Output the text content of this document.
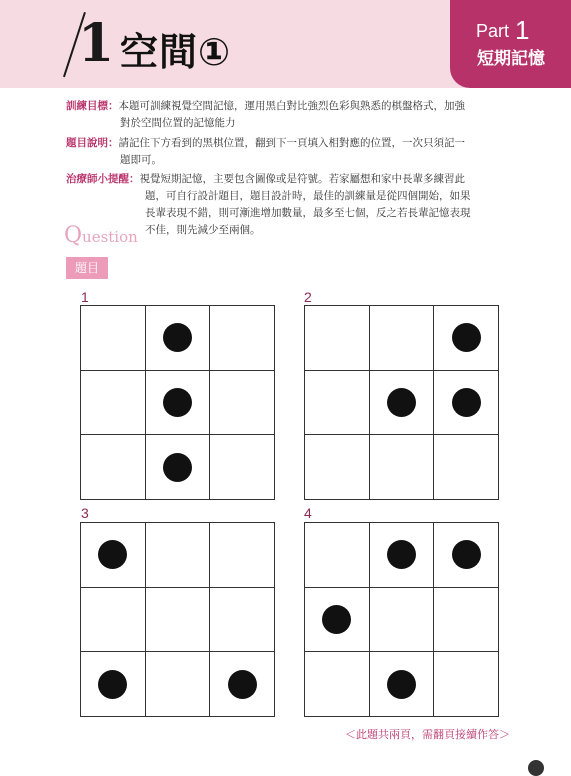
1 空間①	Part 1
短期記憶
訓練目標：本題可訓練視覺空間記憶，運用黑白對比強烈色彩與熟悉的棋盤格式，加強
對於空間位置的記憶能力
題目說明：請記住下方看到的黑棋位置，翻到下一頁填入相對應的位置，一次只須記一
題即可。
治療師小提醒：視覺短期記憶，主要包含圖像或是符號。若家屬想和家中長輩多練習此
題，可自行設計題目，題目設計時，最佳的訓練量是從四個開始，如果
長輩表現不錯，則可漸進增加數量，最多至七個，反之若長輩記憶表現
不佳，則先減少至兩個。
Question
題目
1	2
3	4
＜此題共兩頁，需翻頁接續作答＞
